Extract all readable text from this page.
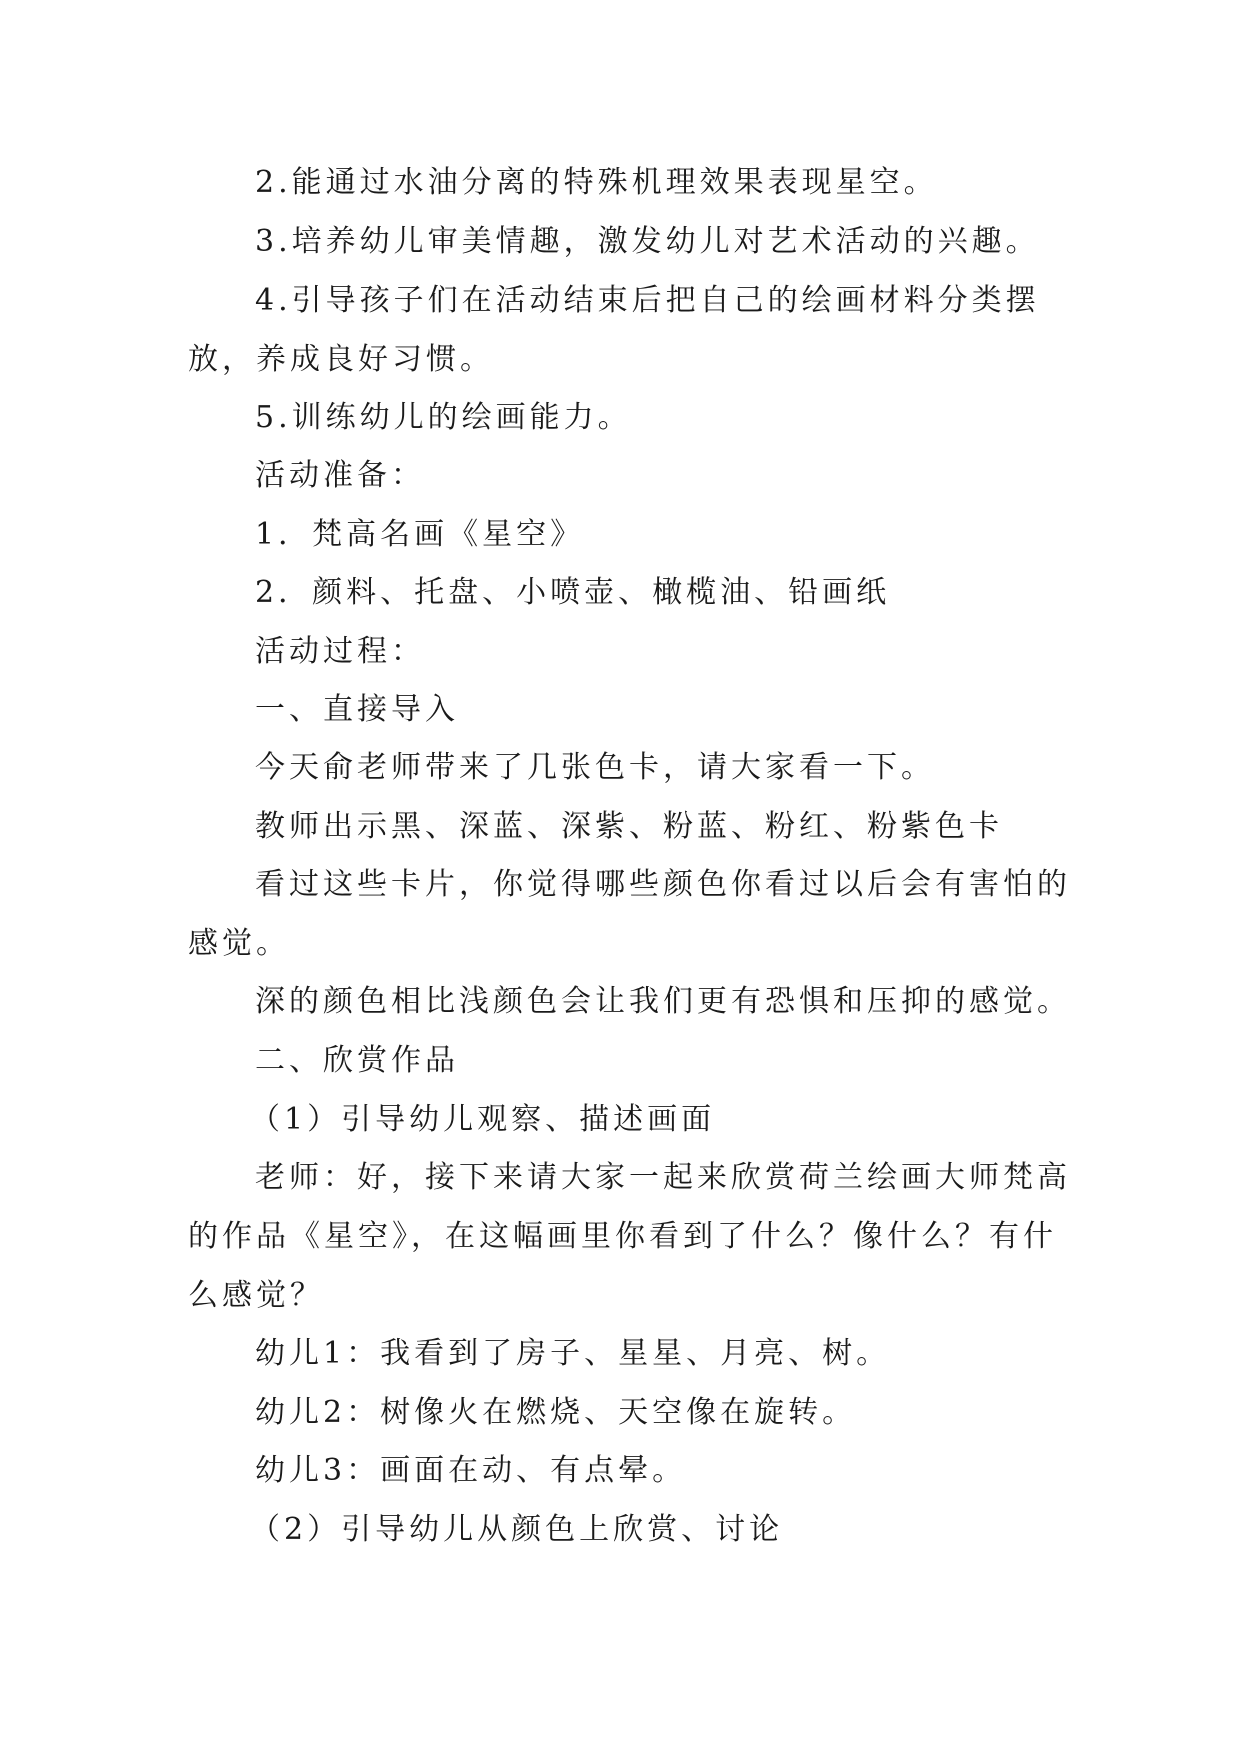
2.能通过水油分离的特殊机理效果表现星空。
3.培养幼儿审美情趣，激发幼儿对艺术活动的兴趣。
4.引导孩子们在活动结束后把自己的绘画材料分类摆
放，养成良好习惯。
5.训练幼儿的绘画能力。
活动准备：
1．梵高名画《星空》
2．颜料、托盘、小喷壶、橄榄油、铅画纸
活动过程：
一、直接导入
今天俞老师带来了几张色卡，请大家看一下。
教师出示黑、深蓝、深紫、粉蓝、粉红、粉紫色卡
看过这些卡片，你觉得哪些颜色你看过以后会有害怕的
感觉。
深的颜色相比浅颜色会让我们更有恐惧和压抑的感觉。
二、欣赏作品
（1）引导幼儿观察、描述画面
老师：好，接下来请大家一起来欣赏荷兰绘画大师梵高
的作品《星空》，在这幅画里你看到了什么？像什么？有什
么感觉？
幼儿1：我看到了房子、星星、月亮、树。
幼儿2：树像火在燃烧、天空像在旋转。
幼儿3：画面在动、有点晕。
（2）引导幼儿从颜色上欣赏、讨论
